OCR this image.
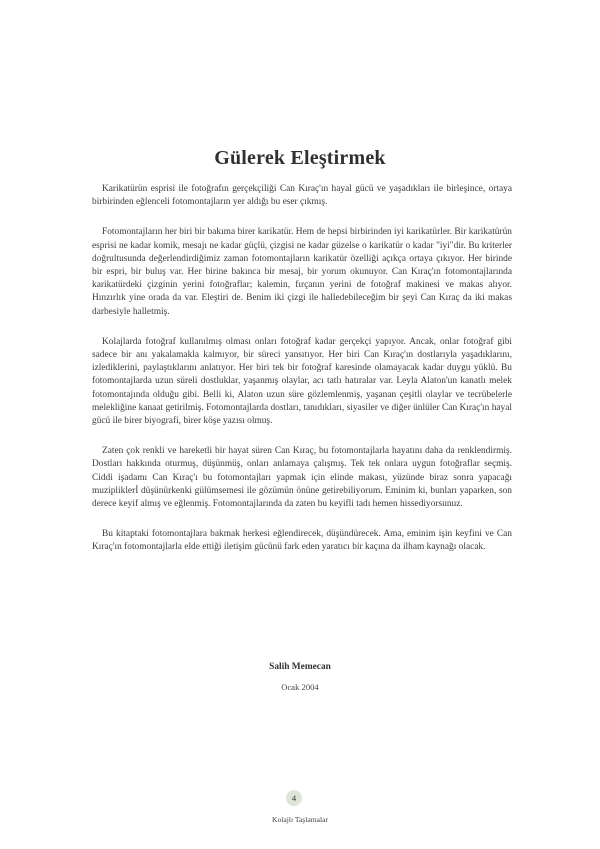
Gülerek Eleştirmek

Karikatürün esprisi ile fotoğrafın gerçekçiliği Can Kıraç'ın hayal gücü ve yaşadıkları ile birleşince, ortaya birbirinden eğlenceli fotomontajların yer aldığı bu eser çıkmış.

Fotomontajların her biri bir bakıma birer karikatür. Hem de hepsi birbirinden iyi karikatürler. Bir karikatürün esprisi ne kadar komik, mesajı ne kadar güçlü, çizgisi ne kadar güzelse o karikatür o kadar "iyi"dir. Bu kriterler doğrultusunda değerlendirdiğimiz zaman fotomontajların karikatür özelliği açıkça ortaya çıkıyor. Her birinde bir espri, bir buluş var. Her birine bakınca bir mesaj, bir yorum okunuyor. Can Kıraç'ın fotomontajlarında karikatürdeki çizginin yerini fotoğraflar; kalemin, fırçanın yerini de fotoğraf makinesi ve makas alıyor. Hınzırlık yine orada da var. Eleştiri de. Benim iki çizgi ile halledebileceğim bir şeyi Can Kıraç da iki makas darbesiyle halletmiş.

Kolajlarda fotoğraf kullanılmış olması onları fotoğraf kadar gerçekçi yapıyor. Ancak, onlar fotoğraf gibi sadece bir anı yakalamakla kalmıyor, bir süreci yansıtıyor. Her biri Can Kıraç'ın dostlarıyla yaşadıklarını, izlediklerini, paylaştıklarını anlatıyor. Her biri tek bir fotoğraf karesinde olamayacak kadar duygu yüklü. Bu fotomontajlarda uzun süreli dostluklar, yaşanmış olaylar, acı tatlı hatıralar var. Leyla Alaton'un kanatlı melek fotomontajında olduğu gibi. Belli ki, Alaton uzun süre gözlemlenmiş, yaşanan çeşitli olaylar ve tecrübelerle melekliğine kanaat getirilmiş. Fotomontajlarda dostları, tanıdıkları, siyasiler ve diğer ünlüler Can Kıraç'ın hayal gücü ile birer biyografi, birer köşe yazısı olmuş.

Zaten çok renkli ve hareketli bir hayat süren Can Kıraç, bu fotomontajlarla hayatını daha da renklendirmiş. Dostları hakkında oturmuş, düşünmüş, onları anlamaya çalışmış. Tek tek onlara uygun fotoğraflar seçmiş. Ciddi işadamı Can Kıraç'ı bu fotomontajları yapmak için elinde makası, yüzünde biraz sonra yapacağı muzipliklerİ düşünürkenki gülümsemesi ile gözümün önüne getirebiliyorum. Eminim ki, bunları yaparken, son derece keyif almış ve eğlenmiş. Fotomontajlarında da zaten bu keyifli tadı hemen hissediyorsunuz.

Bu kitaptaki fotomontajlara bakmak herkesi eğlendirecek, düşündürecek. Ama, eminim işin keyfini ve Can Kıraç'ın fotomontajlarla elde ettiği iletişim gücünü fark eden yaratıcı bir kaçına da ilham kaynağı olacak.

Salih Memecan
Ocak 2004
4
Kolajlı Taşlamalar
